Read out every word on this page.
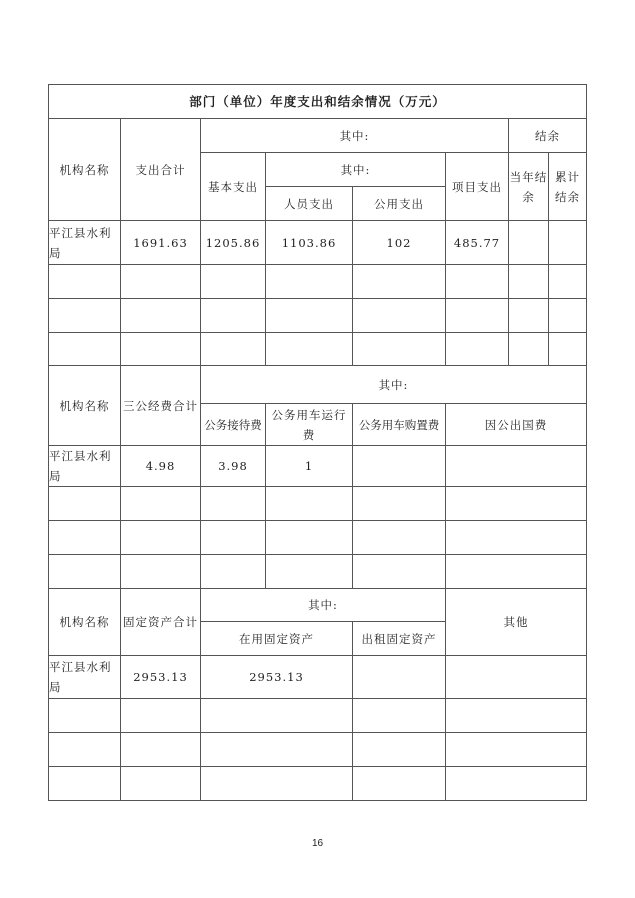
部门（单位）年度支出和结余情况（万元）							
机构名称	支出合计	其中:				结余	
		基本支出	其中:		项目支出	当年结余	累计结余
			人员支出	公用支出			
平江县水利局	1691.63	1205.86	1103.86	102	485.77		

机构名称	三公经费合计	其中:					
		公务接待费	公务用车运行费	公务用车购置费	因公出国费		
平江县水利局	4.98	3.98	1				

机构名称	固定资产合计	其中:			其他		
		在用固定资产		出租固定资产			
平江县水利局	2953.13	2953.13					

16
